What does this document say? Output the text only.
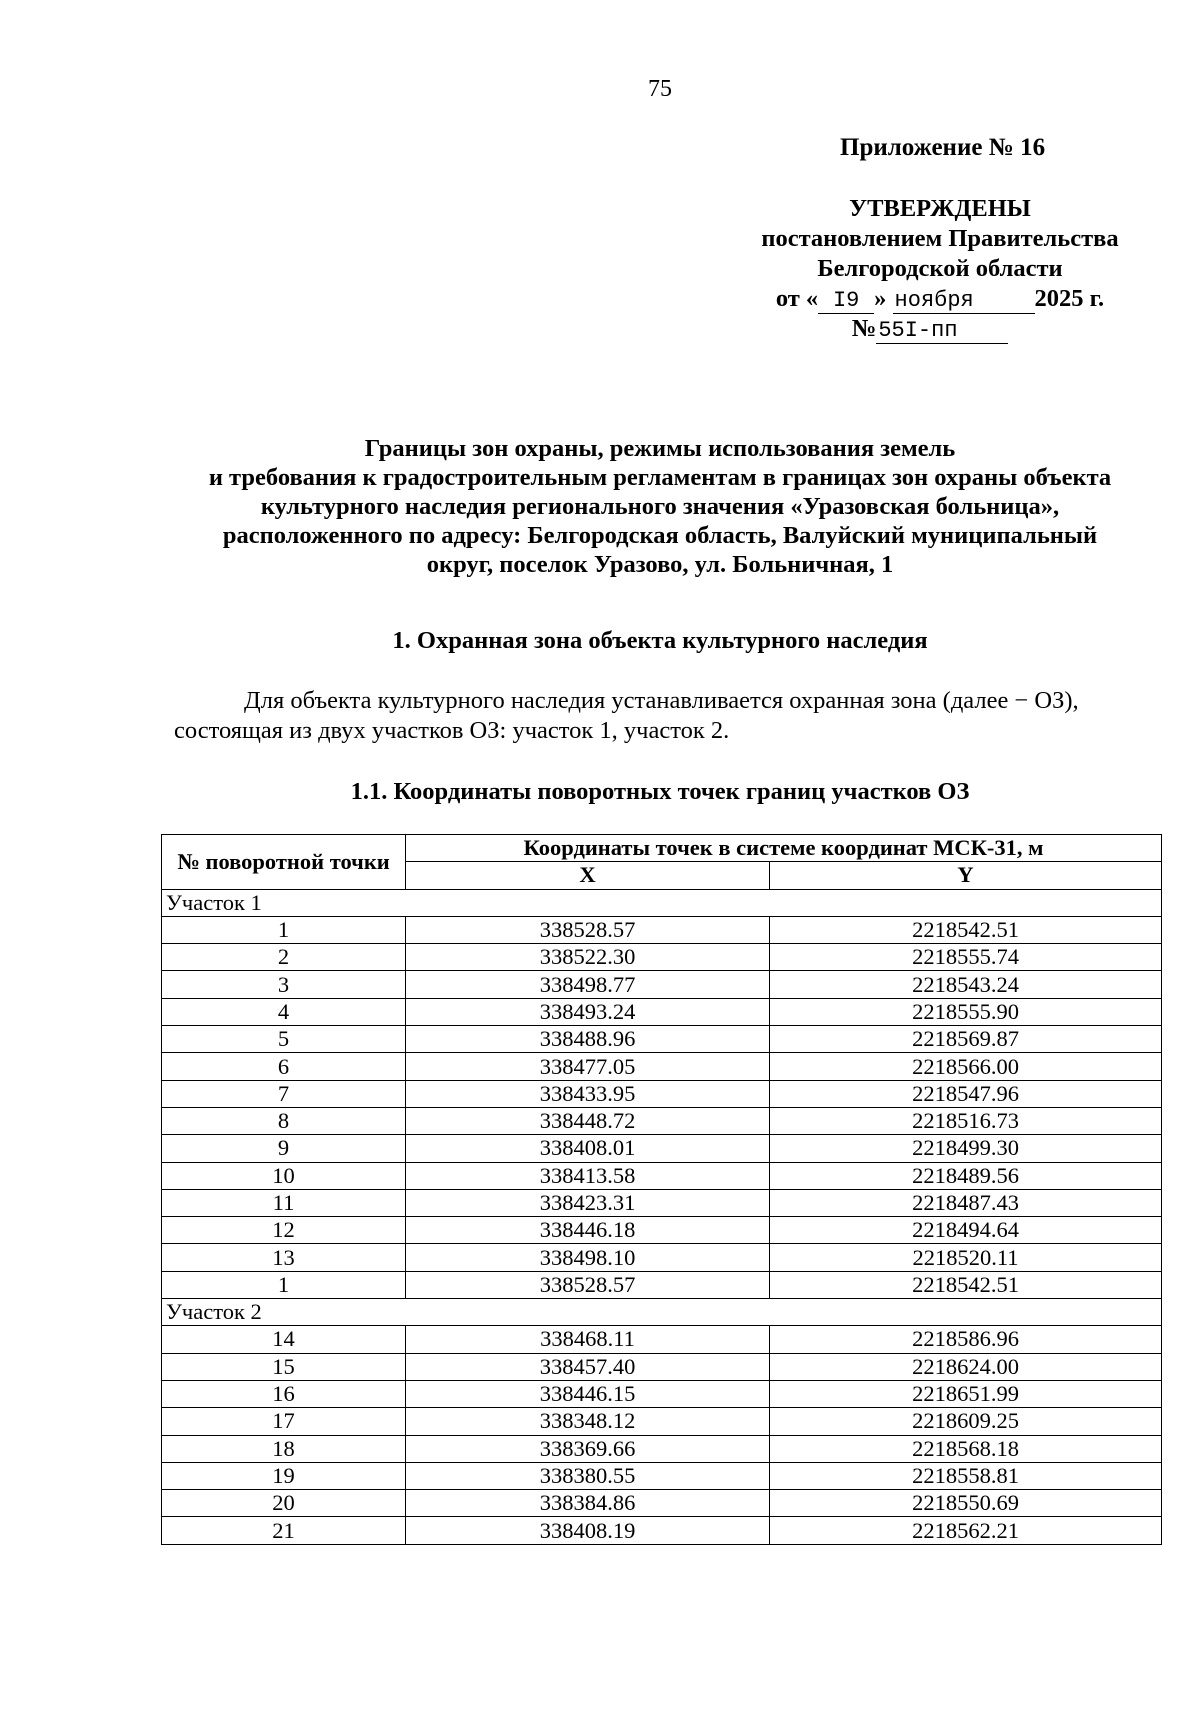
75
Приложение № 16
УТВЕРЖДЕНЫ
постановлением Правительства
Белгородской области
от « I9 » ноября 2025 г.
№55I-пп
Границы зон охраны, режимы использования земель
и требования к градостроительным регламентам в границах зон охраны объекта
культурного наследия регионального значения «Уразовская больница»,
расположенного по адресу: Белгородская область, Валуйский муниципальный
округ, поселок Уразово, ул. Больничная, 1
1. Охранная зона объекта культурного наследия
Для объекта культурного наследия устанавливается охранная зона (далее − ОЗ),
состоящая из двух участков ОЗ: участок 1, участок 2.
1.1. Координаты поворотных точек границ участков ОЗ
№ поворотной точки	Координаты точек в системе координат МСК-31, м	
	X	Y
Участок 1		
1	338528.57	2218542.51
2	338522.30	2218555.74
3	338498.77	2218543.24
4	338493.24	2218555.90
5	338488.96	2218569.87
6	338477.05	2218566.00
7	338433.95	2218547.96
8	338448.72	2218516.73
9	338408.01	2218499.30
10	338413.58	2218489.56
11	338423.31	2218487.43
12	338446.18	2218494.64
13	338498.10	2218520.11
1	338528.57	2218542.51
Участок 2		
14	338468.11	2218586.96
15	338457.40	2218624.00
16	338446.15	2218651.99
17	338348.12	2218609.25
18	338369.66	2218568.18
19	338380.55	2218558.81
20	338384.86	2218550.69
21	338408.19	2218562.21
